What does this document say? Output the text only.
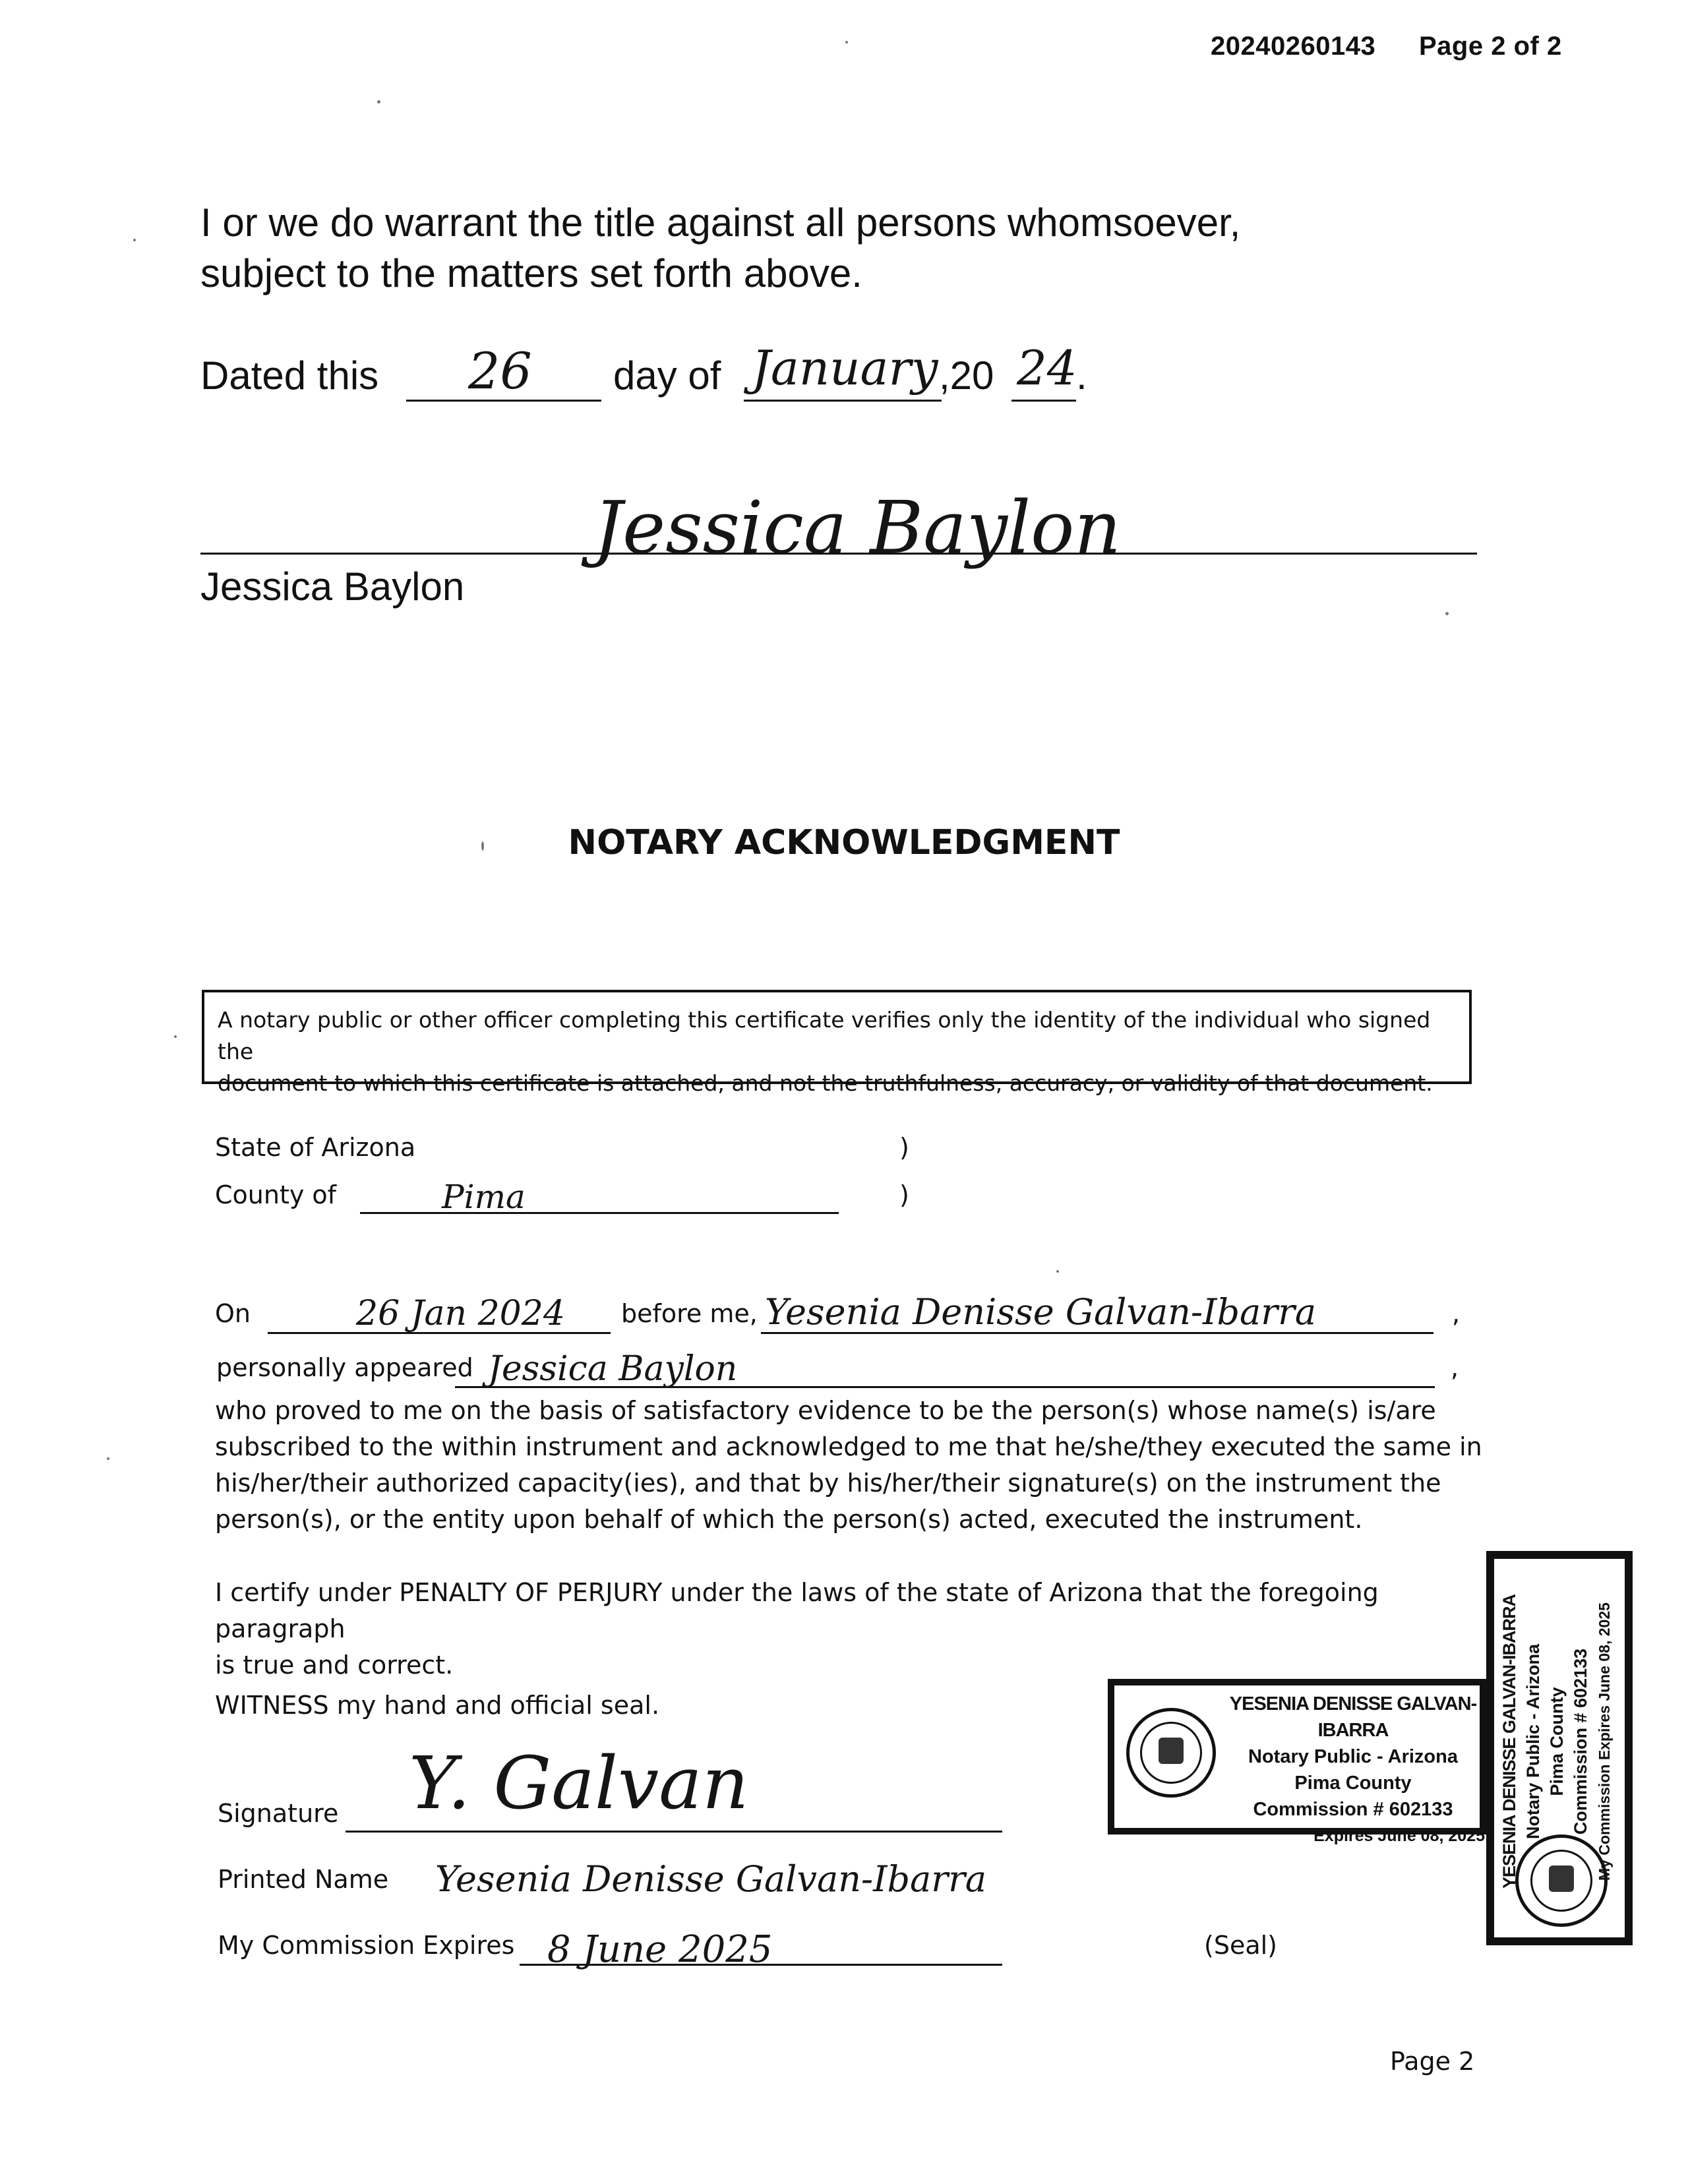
20240260143 Page 2 of 2
I or we do warrant the title against all persons whomsoever,
subject to the matters set forth above.
Dated this 26 day of January ,20 24
.
Jessica Baylon
Jessica Baylon
NOTARY ACKNOWLEDGMENT
A notary public or other officer completing this certificate verifies only the identity of the individual who signed the
document to which this certificate is attached, and not the truthfulness, accuracy, or validity of that document.
State of Arizona	)
County of	Pima	)
On	26 Jan 2024 before me, Yesenia Denisse Galvan-Ibarra	,
personally appeared Jessica Baylon	,
who proved to me on the basis of satisfactory evidence to be the person(s) whose name(s) is/are
subscribed to the within instrument and acknowledged to me that he/she/they executed the same in
his/her/their authorized capacity(ies), and that by his/her/their signature(s) on the instrument the
person(s), or the entity upon behalf of which the person(s) acted, executed the instrument.
I certify under PENALTY OF PERJURY under the laws of the state of Arizona that the foregoing paragraph
is true and correct.
WITNESS my hand and official seal.
Signature Y. Galvan
Printed Name Yesenia Denisse Galvan-Ibarra
My Commission Expires 8 June 2025	(Seal)
YESENIA DENISSE GALVAN-IBARRA
Notary Public - Arizona
Pima County
Commission # 602133
Expires June 08, 2025 YESENIA DENISSE GALVAN-IBARRA Notary Public - Arizona Pima County Commission # 602133 My Commission Expires June 08, 2025
Page 2
